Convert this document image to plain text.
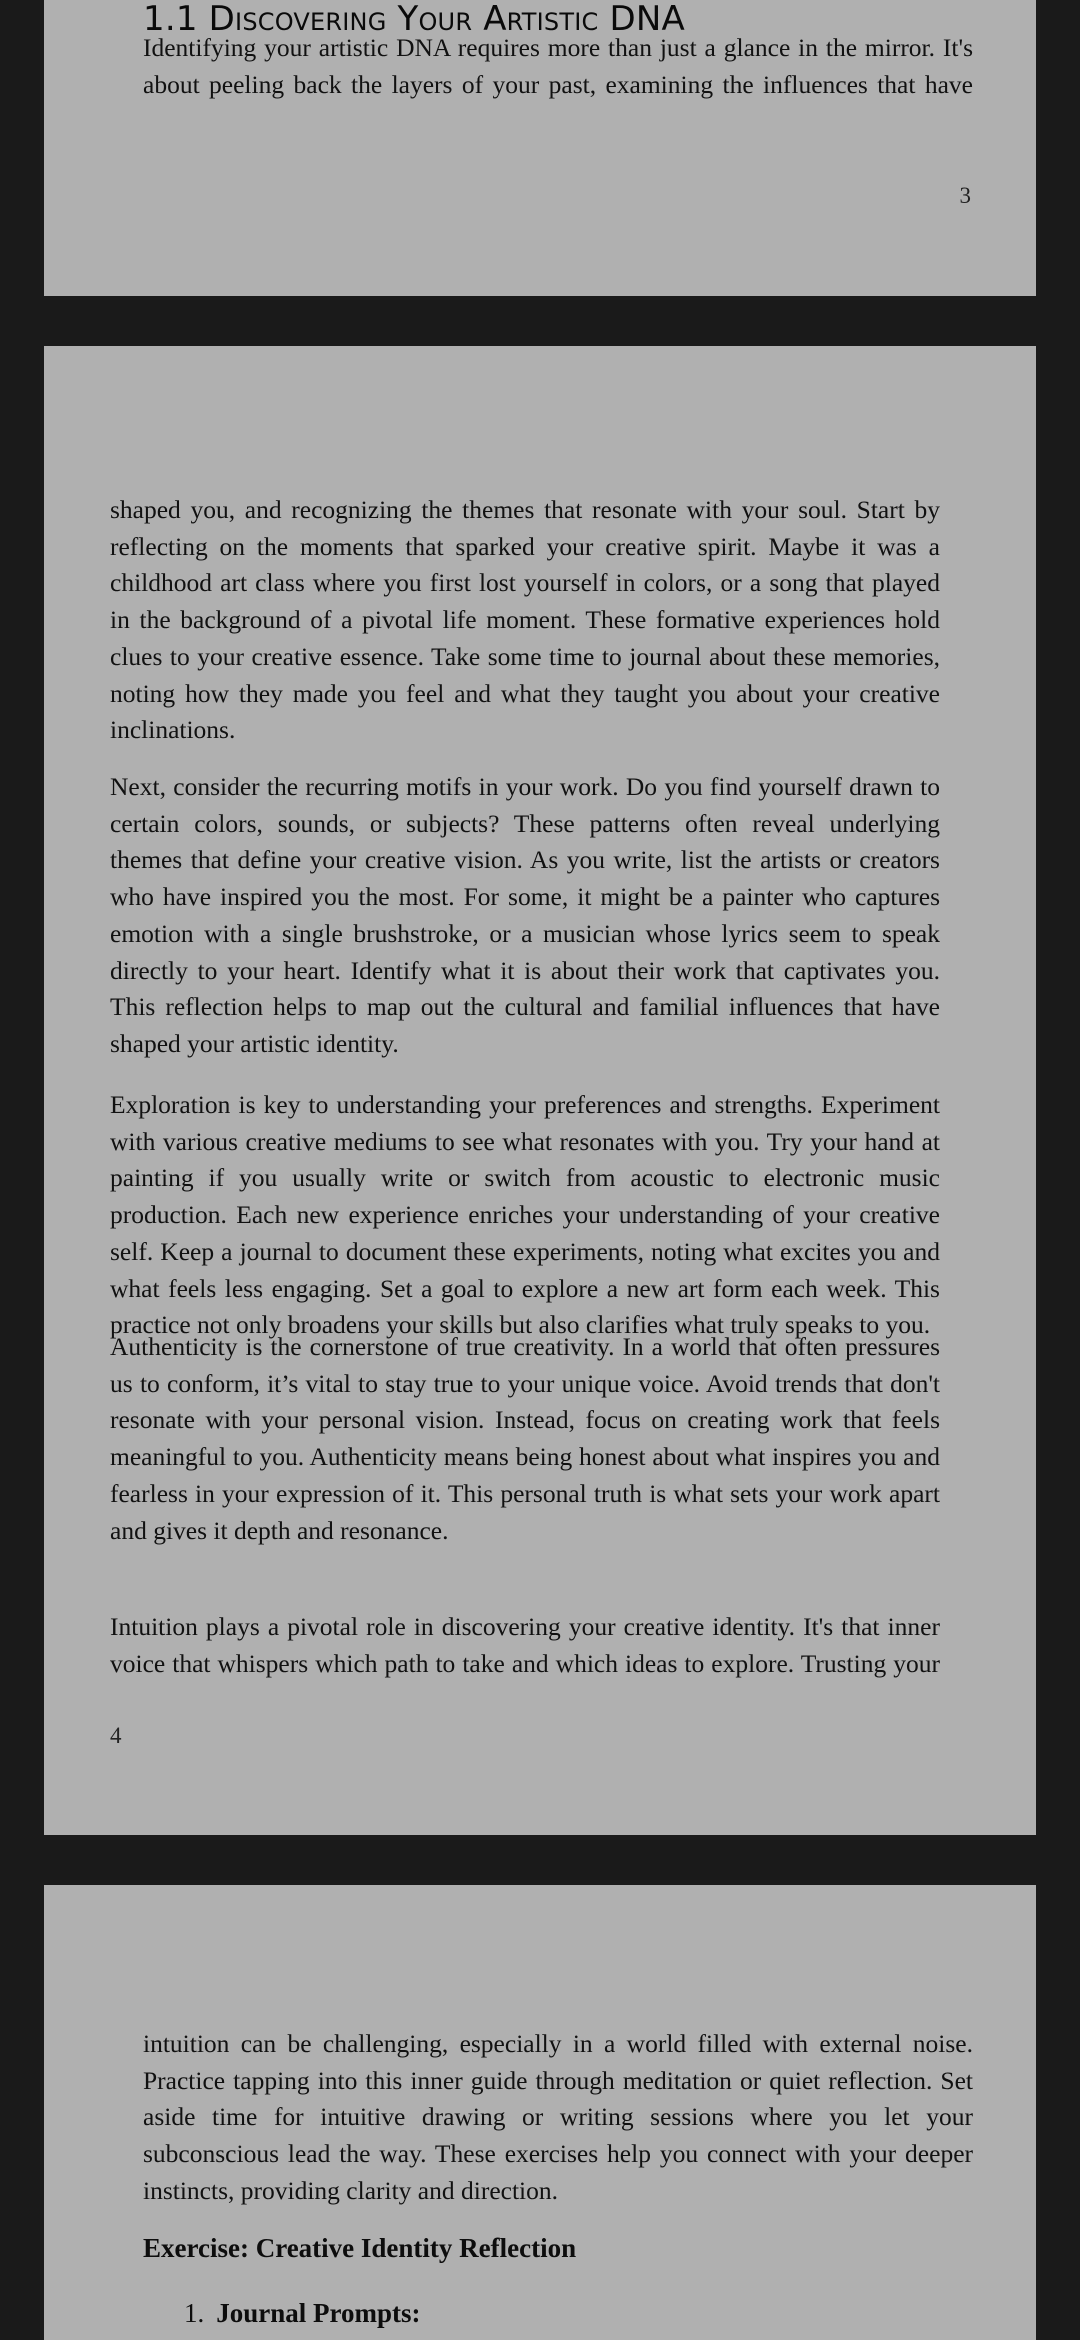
1.1 Discovering Your Artistic DNA

Identifying your artistic DNA requires more than just a glance in the mirror. It's about peeling back the layers of your past, examining the influences that have

3

shaped you, and recognizing the themes that resonate with your soul. Start by reflecting on the moments that sparked your creative spirit. Maybe it was a childhood art class where you first lost yourself in colors, or a song that played in the background of a pivotal life moment. These formative experiences hold clues to your creative essence. Take some time to journal about these memories, noting how they made you feel and what they taught you about your creative inclinations.

Next, consider the recurring motifs in your work. Do you find yourself drawn to certain colors, sounds, or subjects? These patterns often reveal underlying themes that define your creative vision. As you write, list the artists or creators who have inspired you the most. For some, it might be a painter who captures emotion with a single brushstroke, or a musician whose lyrics seem to speak directly to your heart. Identify what it is about their work that captivates you. This reflection helps to map out the cultural and familial influences that have shaped your artistic identity.

Exploration is key to understanding your preferences and strengths. Experiment with various creative mediums to see what resonates with you. Try your hand at painting if you usually write or switch from acoustic to electronic music production. Each new experience enriches your understanding of your creative self. Keep a journal to document these experiments, noting what excites you and what feels less engaging. Set a goal to explore a new art form each week. This practice not only broadens your skills but also clarifies what truly speaks to you.

Authenticity is the cornerstone of true creativity. In a world that often pressures us to conform, it’s vital to stay true to your unique voice. Avoid trends that don't resonate with your personal vision. Instead, focus on creating work that feels meaningful to you. Authenticity means being honest about what inspires you and fearless in your expression of it. This personal truth is what sets your work apart and gives it depth and resonance.

Intuition plays a pivotal role in discovering your creative identity. It's that inner voice that whispers which path to take and which ideas to explore. Trusting your

4

intuition can be challenging, especially in a world filled with external noise. Practice tapping into this inner guide through meditation or quiet reflection. Set aside time for intuitive drawing or writing sessions where you let your subconscious lead the way. These exercises help you connect with your deeper instincts, providing clarity and direction.

Exercise: Creative Identity Reflection

1. Journal Prompts:
